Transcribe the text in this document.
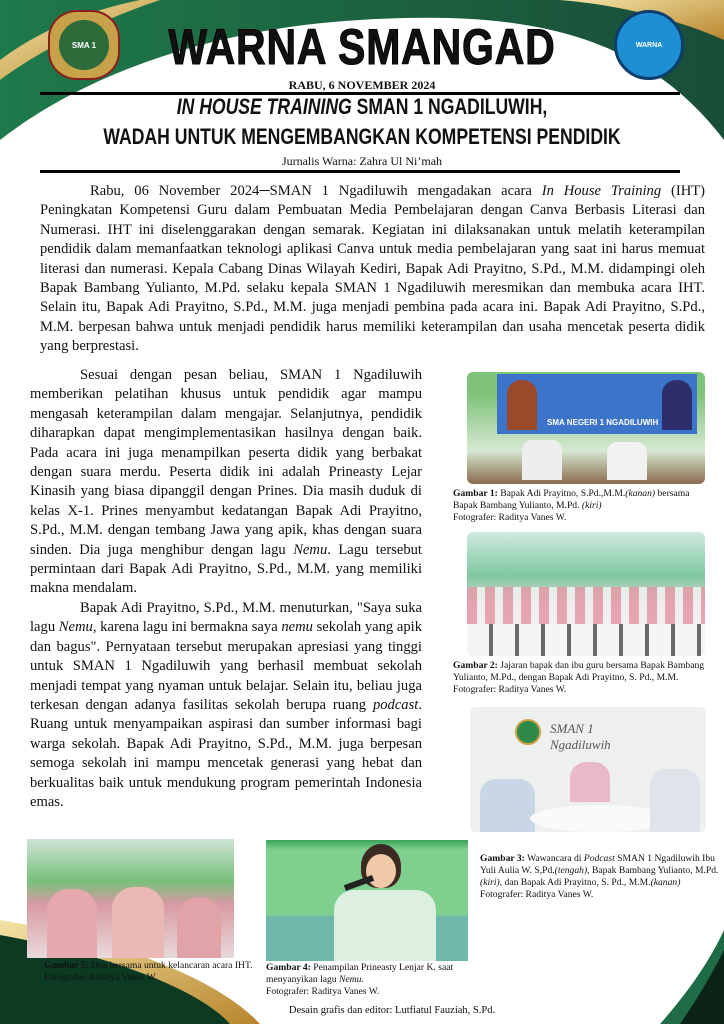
SMA 1	WARNA
WARNA SMANGAD
RABU, 6 NOVEMBER 2024
IN HOUSE TRAINING SMAN 1 NGADILUWIH,
WADAH UNTUK MENGEMBANGKAN KOMPETENSI PENDIDIK
Jurnalis Warna: Zahra Ul Ni’mah

Rabu, 06 November 2024─SMAN 1 Ngadiluwih mengadakan acara In House Training (IHT) Peningkatan Kompetensi Guru dalam Pembuatan Media Pembelajaran dengan Canva Berbasis Literasi dan Numerasi. IHT ini diselenggarakan dengan semarak. Kegiatan ini dilaksanakan untuk melatih keterampilan pendidik dalam memanfaatkan teknologi aplikasi Canva untuk media pembelajaran yang saat ini harus memuat literasi dan numerasi. Kepala Cabang Dinas Wilayah Kediri, Bapak Adi Prayitno, S.Pd., M.M. didampingi oleh Bapak Bambang Yulianto, M.Pd. selaku kepala SMAN 1 Ngadiluwih meresmikan dan membuka acara IHT. Selain itu, Bapak Adi Prayitno, S.Pd., M.M. juga menjadi pembina pada acara ini. Bapak Adi Prayitno, S.Pd., M.M. berpesan bahwa untuk menjadi pendidik harus memiliki keterampilan dan usaha mencetak peserta didik yang berprestasi.

Sesuai dengan pesan beliau, SMAN 1 Ngadiluwih memberikan pelatihan khusus untuk pendidik agar mampu mengasah keterampilan dalam mengajar. Selanjutnya, pendidik diharapkan dapat mengimplementasikan hasilnya dengan baik. Pada acara ini juga menampilkan peserta didik yang berbakat dengan suara merdu. Peserta didik ini adalah Prineasty Lejar Kinasih yang biasa dipanggil dengan Prines. Dia masih duduk di kelas X-1. Prines menyambut kedatangan Bapak Adi Prayitno, S.Pd., M.M. dengan tembang Jawa yang apik, khas dengan suara sinden. Dia juga menghibur dengan lagu Nemu. Lagu tersebut permintaan dari Bapak Adi Prayitno, S.Pd., M.M. yang memiliki makna mendalam.

Bapak Adi Prayitno, S.Pd., M.M. menuturkan, "Saya suka lagu Nemu, karena lagu ini bermakna saya nemu sekolah yang apik dan bagus". Pernyataan tersebut merupakan apresiasi yang tinggi untuk SMAN 1 Ngadiluwih yang berhasil membuat sekolah menjadi tempat yang nyaman untuk belajar. Selain itu, beliau juga terkesan dengan adanya fasilitas sekolah berupa ruang podcast. Ruang untuk menyampaikan aspirasi dan sumber informasi bagi warga sekolah. Bapak Adi Prayitno, S.Pd., M.M. juga berpesan semoga sekolah ini mampu mencetak generasi yang hebat dan berkualitas baik untuk mendukung program pemerintah Indonesia emas.

SMA NEGERI 1 NGADILUWIH
Gambar 1: Bapak Adi Prayitno, S.Pd.,M.M.(kanan) bersama Bapak Bambang Yulianto, M.Pd. (kiri)
Fotografer: Raditya Vanes W.
Gambar 2: Jajaran bapak dan ibu guru bersama Bapak Bambang Yulianto, M.Pd., dengan Bapak Adi Prayitno, S. Pd., M.M.
Fotografer: Raditya Vanes W.
SMAN 1 Ngadiluwih
Gambar 3: Wawancara di Podcast SMAN 1 Ngadiluwih Ibu Yuli Aulia W. S,Pd.(tengah), Bapak Bambang Yulianto, M.Pd.(kiri), dan Bapak Adi Prayitno, S. Pd., M.M.(kanan)
Fotografer: Raditya Vanes W.
Gambar 5: Doa bersama untuk kelancaran acara IHT.
Fotografer: Raditya Vanes W.
Gambar 4: Penampilan Prineasty Lenjar K. saat menyanyikan lagu Nemu.
Fotografer: Raditya Vanes W.
Desain grafis dan editor: Lutfiatul Fauziah, S.Pd.
